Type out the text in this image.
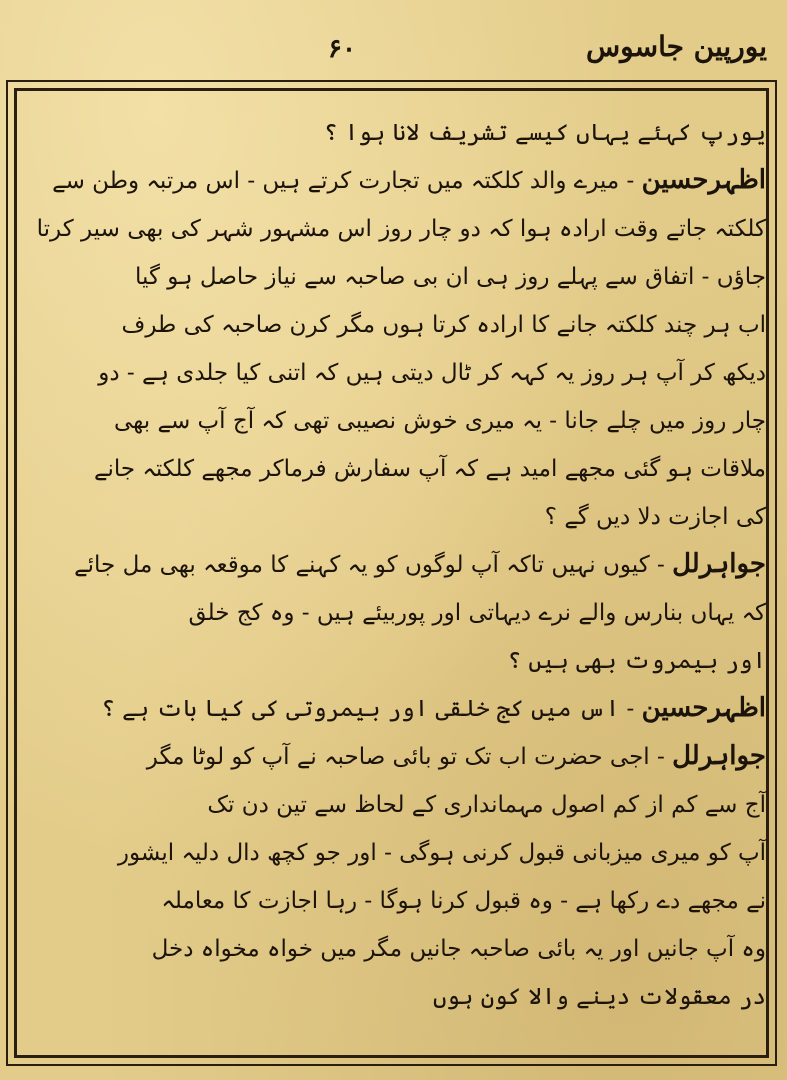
۶۰	یورپین جاسوس
یورپ کہئے یہاں کیسے تشریف لانا ہوا ؟
اظہرحسین - میرے والد کلکتہ میں تجارت کرتے ہیں - اس مرتبہ وطن سے
کلکتہ جاتے وقت ارادہ ہوا کہ دو چار روز اس مشہور شہر کی بھی سیر کرتا
جاؤں - اتفاق سے پہلے روز ہی ان بی صاحبہ سے نیاز حاصل ہو گیا
اب ہر چند کلکتہ جانے کا ارادہ کرتا ہوں مگر کرن صاحبہ کی طرف
دیکھ کر آپ ہر روز یہ کہہ کر ٹال دیتی ہیں کہ اتنی کیا جلدی ہے - دو
چار روز میں چلے جانا - یہ میری خوش نصیبی تھی کہ آج آپ سے بھی
ملاقات ہو گئی مجھے امید ہے کہ آپ سفارش فرماکر مجھے کلکتہ جانے
کی اجازت دلا دیں گے ؟
جواہرلل - کیوں نہیں تاکہ آپ لوگوں کو یہ کہنے کا موقعہ بھی مل جائے
کہ یہاں بنارس والے نرے دیہاتی اور پوربیئے ہیں - وہ کج خلق
اور بیمروت بھی ہیں ؟
اظہرحسین - اس میں کج خلقی اور بیمروتی کی کیا بات ہے ؟
جواہرلل - اجی حضرت اب تک تو بائی صاحبہ نے آپ کو لوٹا مگر
آج سے کم از کم اصول مہمانداری کے لحاظ سے تین دن تک
آپ کو میری میزبانی قبول کرنی ہوگی - اور جو کچھ دال دلیہ ایشور
نے مجھے دے رکھا ہے - وہ قبول کرنا ہوگا - رہا اجازت کا معاملہ
وہ آپ جانیں اور یہ بائی صاحبہ جانیں مگر میں خواہ مخواہ دخل
در معقولات دینے والا کون ہوں
